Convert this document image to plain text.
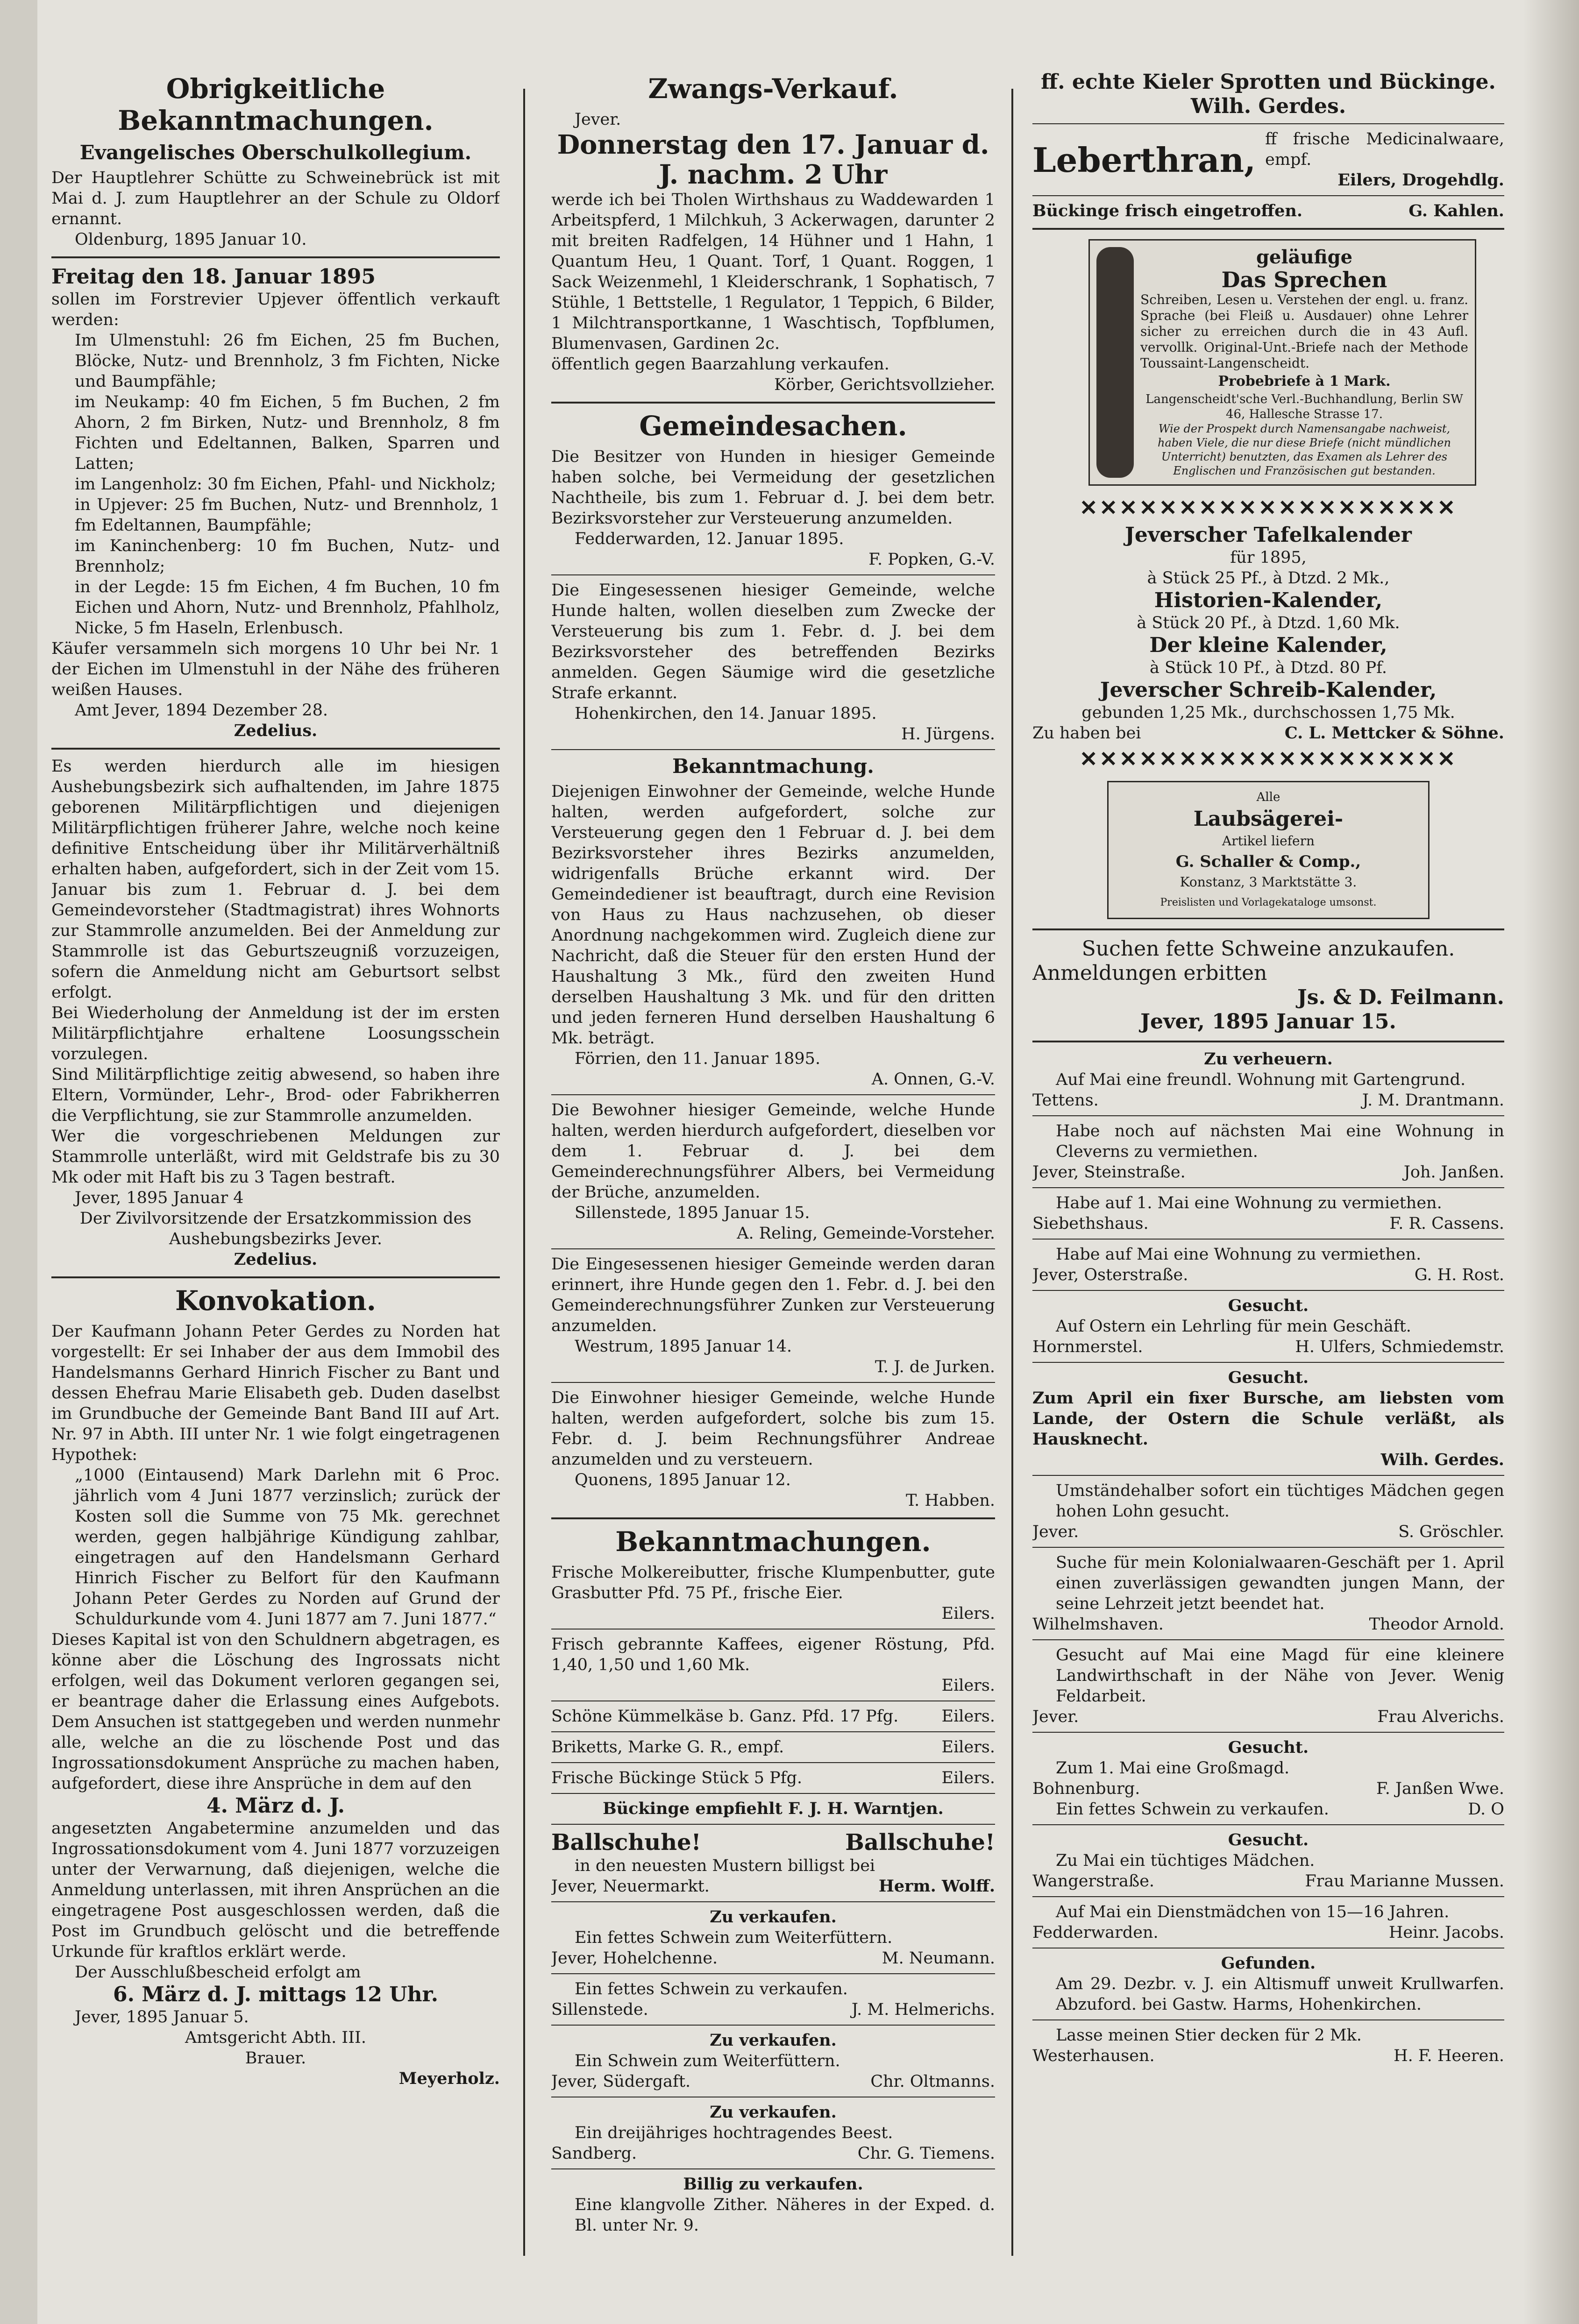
Obrigkeitliche Bekanntmachungen.
Evangelisches Oberschulkollegium.

Der Hauptlehrer Schütte zu Schweinebrück ist mit Mai d. J. zum Hauptlehrer an der Schule zu Oldorf ernannt.

Oldenburg, 1895 Januar 10.

Freitag den 18. Januar 1895

sollen im Forstrevier Upjever öffentlich verkauft werden:

Im Ulmenstuhl: 26 fm Eichen, 25 fm Buchen, Blöcke, Nutz- und Brennholz, 3 fm Fichten, Nicke und Baumpfähle;

im Neukamp: 40 fm Eichen, 5 fm Buchen, 2 fm Ahorn, 2 fm Birken, Nutz- und Brennholz, 8 fm Fichten und Edeltannen, Balken, Sparren und Latten;

im Langenholz: 30 fm Eichen, Pfahl- und Nickholz;

in Upjever: 25 fm Buchen, Nutz- und Brennholz, 1 fm Edeltannen, Baumpfähle;

im Kaninchenberg: 10 fm Buchen, Nutz- und Brennholz;

in der Legde: 15 fm Eichen, 4 fm Buchen, 10 fm Eichen und Ahorn, Nutz- und Brennholz, Pfahlholz, Nicke, 5 fm Haseln, Erlenbusch.

Käufer versammeln sich morgens 10 Uhr bei Nr. 1 der Eichen im Ulmenstuhl in der Nähe des früheren weißen Hauses.

Amt Jever, 1894 Dezember 28.

Zedelius.

Es werden hierdurch alle im hiesigen Aushebungsbezirk sich aufhaltenden, im Jahre 1875 geborenen Militärpflichtigen und diejenigen Militärpflichtigen früherer Jahre, welche noch keine definitive Entscheidung über ihr Militärverhältniß erhalten haben, aufgefordert, sich in der Zeit vom 15. Januar bis zum 1. Februar d. J. bei dem Gemeindevorsteher (Stadtmagistrat) ihres Wohnorts zur Stammrolle anzumelden. Bei der Anmeldung zur Stammrolle ist das Geburtszeugniß vorzuzeigen, sofern die Anmeldung nicht am Geburtsort selbst erfolgt.

Bei Wiederholung der Anmeldung ist der im ersten Militärpflichtjahre erhaltene Loosungsschein vorzulegen.

Sind Militärpflichtige zeitig abwesend, so haben ihre Eltern, Vormünder, Lehr-, Brod- oder Fabrikherren die Verpflichtung, sie zur Stammrolle anzumelden.

Wer die vorgeschriebenen Meldungen zur Stammrolle unterläßt, wird mit Geldstrafe bis zu 30 Mk oder mit Haft bis zu 3 Tagen bestraft.

Jever, 1895 Januar 4

Der Zivilvorsitzende der Ersatzkommission des Aushebungsbezirks Jever.

Zedelius.

Konvokation.

Der Kaufmann Johann Peter Gerdes zu Norden hat vorgestellt: Er sei Inhaber der aus dem Immobil des Handelsmanns Gerhard Hinrich Fischer zu Bant und dessen Ehefrau Marie Elisabeth geb. Duden daselbst im Grundbuche der Gemeinde Bant Band III auf Art. Nr. 97 in Abth. III unter Nr. 1 wie folgt eingetragenen Hypothek:

„1000 (Eintausend) Mark Darlehn mit 6 Proc. jährlich vom 4 Juni 1877 verzinslich; zurück der Kosten soll die Summe von 75 Mk. gerechnet werden, gegen halbjährige Kündigung zahlbar, eingetragen auf den Handelsmann Gerhard Hinrich Fischer zu Belfort für den Kaufmann Johann Peter Gerdes zu Norden auf Grund der Schuldurkunde vom 4. Juni 1877 am 7. Juni 1877.“

Dieses Kapital ist von den Schuldnern abgetragen, es könne aber die Löschung des Ingrossats nicht erfolgen, weil das Dokument verloren gegangen sei, er beantrage daher die Erlassung eines Aufgebots. Dem Ansuchen ist stattgegeben und werden nunmehr alle, welche an die zu löschende Post und das Ingrossationsdokument Ansprüche zu machen haben, aufgefordert, diese ihre Ansprüche in dem auf den

4. März d. J.

angesetzten Angabetermine anzumelden und das Ingrossationsdokument vom 4. Juni 1877 vorzuzeigen unter der Verwarnung, daß diejenigen, welche die Anmeldung unterlassen, mit ihren Ansprüchen an die eingetragene Post ausgeschlossen werden, daß die Post im Grundbuch gelöscht und die betreffende Urkunde für kraftlos erklärt werde.

Der Ausschlußbescheid erfolgt am

6. März d. J. mittags 12 Uhr.

Jever, 1895 Januar 5.

Amtsgericht Abth. III.

Brauer.

Meyerholz.

Zwangs-Verkauf.

Jever.

Donnerstag den 17. Januar d. J. nachm. 2 Uhr

werde ich bei Tholen Wirthshaus zu Waddewarden 1 Arbeitspferd, 1 Milchkuh, 3 Ackerwagen, darunter 2 mit breiten Radfelgen, 14 Hühner und 1 Hahn, 1 Quantum Heu, 1 Quant. Torf, 1 Quant. Roggen, 1 Sack Weizenmehl, 1 Kleiderschrank, 1 Sophatisch, 7 Stühle, 1 Bettstelle, 1 Regulator, 1 Teppich, 6 Bilder, 1 Milchtransportkanne, 1 Waschtisch, Topfblumen, Blumenvasen, Gardinen 2c.

öffentlich gegen Baarzahlung verkaufen.

Körber, Gerichtsvollzieher.

Gemeindesachen.

Die Besitzer von Hunden in hiesiger Gemeinde haben solche, bei Vermeidung der gesetzlichen Nachtheile, bis zum 1. Februar d. J. bei dem betr. Bezirksvorsteher zur Versteuerung anzumelden.

Fedderwarden, 12. Januar 1895.

F. Popken, G.-V.

Die Eingesessenen hiesiger Gemeinde, welche Hunde halten, wollen dieselben zum Zwecke der Versteuerung bis zum 1. Febr. d. J. bei dem Bezirksvorsteher des betreffenden Bezirks anmelden. Gegen Säumige wird die gesetzliche Strafe erkannt.

Hohenkirchen, den 14. Januar 1895.

H. Jürgens.

Bekanntmachung.

Diejenigen Einwohner der Gemeinde, welche Hunde halten, werden aufgefordert, solche zur Versteuerung gegen den 1 Februar d. J. bei dem Bezirksvorsteher ihres Bezirks anzumelden, widrigenfalls Brüche erkannt wird. Der Gemeindediener ist beauftragt, durch eine Revision von Haus zu Haus nachzusehen, ob dieser Anordnung nachgekommen wird. Zugleich diene zur Nachricht, daß die Steuer für den ersten Hund der Haushaltung 3 Mk., fürd den zweiten Hund derselben Haushaltung 3 Mk. und für den dritten und jeden ferneren Hund derselben Haushaltung 6 Mk. beträgt.

Förrien, den 11. Januar 1895.

A. Onnen, G.-V.

Die Bewohner hiesiger Gemeinde, welche Hunde halten, werden hierdurch aufgefordert, dieselben vor dem 1. Februar d. J. bei dem Gemeinderechnungsführer Albers, bei Vermeidung der Brüche, anzumelden.

Sillenstede, 1895 Januar 15.

A. Reling, Gemeinde-Vorsteher.

Die Eingesessenen hiesiger Gemeinde werden daran erinnert, ihre Hunde gegen den 1. Febr. d. J. bei den Gemeinderechnungsführer Zunken zur Versteuerung anzumelden.

Westrum, 1895 Januar 14.

T. J. de Jurken.

Die Einwohner hiesiger Gemeinde, welche Hunde halten, werden aufgefordert, solche bis zum 15. Febr. d. J. beim Rechnungsführer Andreae anzumelden und zu versteuern.

Quonens, 1895 Januar 12.

T. Habben.

Bekanntmachungen.

Frische Molkereibutter, frische Klumpenbutter, gute Grasbutter Pfd. 75 Pf., frische Eier.

Eilers.

Frisch gebrannte Kaffees, eigener Röstung, Pfd. 1,40, 1,50 und 1,60 Mk.

Eilers.

Schöne Kümmelkäse b. Ganz. Pfd. 17 Pfg.	Eilers.
Briketts, Marke G. R., empf.	Eilers.
Frische Bückinge Stück 5 Pfg.	Eilers.

Bückinge empfiehlt F. J. H. Warntjen.

Ballschuhe!	Ballschuhe!

in den neuesten Mustern billigst bei

Jever, Neuermarkt.	Herm. Wolff.

Zu verkaufen.

Ein fettes Schwein zum Weiterfüttern.

Jever, Hohelchenne.	M. Neumann.

Ein fettes Schwein zu verkaufen.

Sillenstede.	J. M. Helmerichs.

Zu verkaufen.

Ein Schwein zum Weiterfüttern.

Jever, Südergaft.	Chr. Oltmanns.

Zu verkaufen.

Ein dreijähriges hochtragendes Beest.

Sandberg.	Chr. G. Tiemens.

Billig zu verkaufen.

Eine klangvolle Zither. Näheres in der Exped. d. Bl. unter Nr. 9.

ff. echte Kieler Sprotten und Bückinge.

Wilh. Gerdes.

Leberthran,

ff frische Medicinalwaare, empf.

Eilers, Drogehdlg.

Bückinge frisch eingetroffen.	G. Kahlen.

geläufige

Das Sprechen

Schreiben, Lesen u. Verstehen der engl. u. franz. Sprache (bei Fleiß u. Ausdauer) ohne Lehrer sicher zu erreichen durch die in 43 Aufl. vervollk. Original-Unt.-Briefe nach der Methode Toussaint-Langenscheidt.

Probebriefe à 1 Mark.

Langenscheidt'sche Verl.-Buchhandlung, Berlin SW 46, Hallesche Strasse 17.

Wie der Prospekt durch Namensangabe nachweist, haben Viele, die nur diese Briefe (nicht mündlichen Unterricht) benutzten, das Examen als Lehrer des Englischen und Französischen gut bestanden.

✕✕✕✕✕✕✕✕✕✕✕✕✕✕✕✕✕✕✕

Jeverscher Tafelkalender

für 1895,

à Stück 25 Pf., à Dtzd. 2 Mk.,

Historien-Kalender,

à Stück 20 Pf., à Dtzd. 1,60 Mk.

Der kleine Kalender,

à Stück 10 Pf., à Dtzd. 80 Pf.

Jeverscher Schreib-Kalender,

gebunden 1,25 Mk., durchschossen 1,75 Mk.

Zu haben bei	C. L. Mettcker & Söhne.
✕✕✕✕✕✕✕✕✕✕✕✕✕✕✕✕✕✕✕

Alle

Laubsägerei-

Artikel liefern

G. Schaller & Comp.,

Konstanz, 3 Marktstätte 3.

Preislisten und Vorlagekataloge umsonst.

Suchen fette Schweine anzukaufen.

Anmeldungen erbitten

Js. & D. Feilmann.

Jever, 1895 Januar 15.

Zu verheuern.

Auf Mai eine freundl. Wohnung mit Gartengrund.

Tettens.	J. M. Drantmann.

Habe noch auf nächsten Mai eine Wohnung in Cleverns zu vermiethen.

Jever, Steinstraße.	Joh. Janßen.

Habe auf 1. Mai eine Wohnung zu vermiethen.

Siebethshaus.	F. R. Cassens.

Habe auf Mai eine Wohnung zu vermiethen.

Jever, Osterstraße.	G. H. Rost.

Gesucht.

Auf Ostern ein Lehrling für mein Geschäft.

Hornmerstel.	H. Ulfers, Schmiedemstr.

Gesucht.

Zum April ein fixer Bursche, am liebsten vom Lande, der Ostern die Schule verläßt, als Hausknecht.

Wilh. Gerdes.

Umständehalber sofort ein tüchtiges Mädchen gegen hohen Lohn gesucht.

Jever.	S. Gröschler.

Suche für mein Kolonialwaaren-Geschäft per 1. April einen zuverlässigen gewandten jungen Mann, der seine Lehrzeit jetzt beendet hat.

Wilhelmshaven.	Theodor Arnold.

Gesucht auf Mai eine Magd für eine kleinere Landwirthschaft in der Nähe von Jever. Wenig Feldarbeit.

Jever.	Frau Alverichs.

Gesucht.

Zum 1. Mai eine Großmagd.

Bohnenburg.	F. Janßen Wwe.
Ein fettes Schwein zu verkaufen.	D. O

Gesucht.

Zu Mai ein tüchtiges Mädchen.

Wangerstraße.	Frau Marianne Mussen.

Auf Mai ein Dienstmädchen von 15—16 Jahren.

Fedderwarden.	Heinr. Jacobs.

Gefunden.

Am 29. Dezbr. v. J. ein Altismuff unweit Krullwarfen. Abzuford. bei Gastw. Harms, Hohenkirchen.

Lasse meinen Stier decken für 2 Mk.

Westerhausen.	H. F. Heeren.
